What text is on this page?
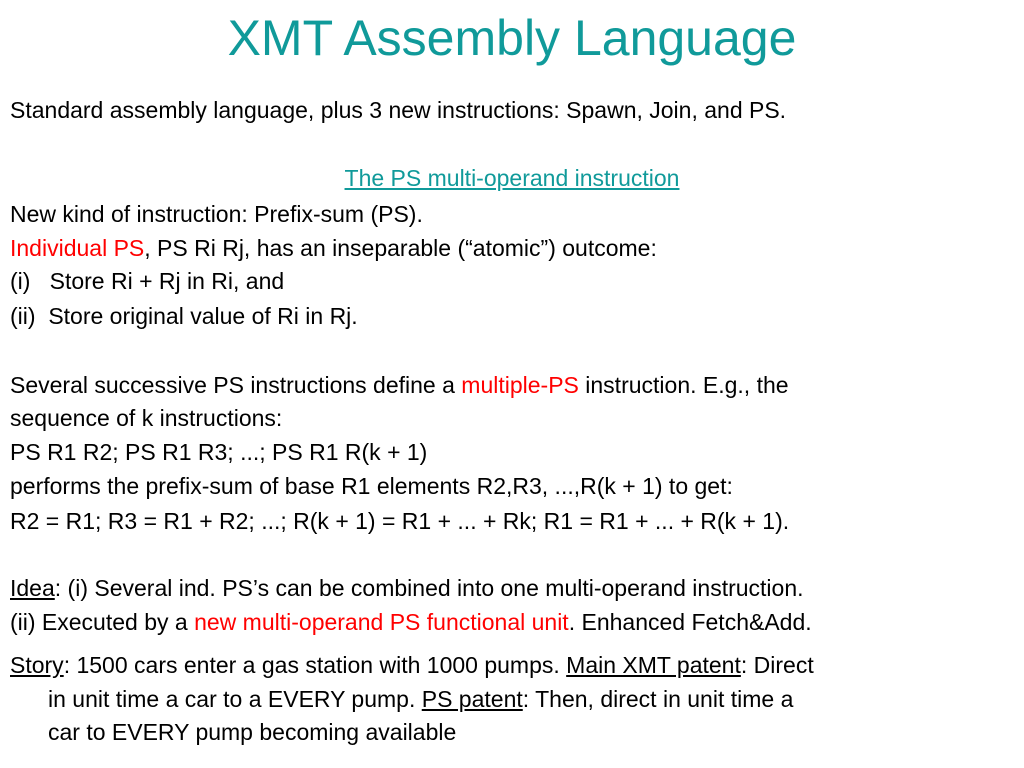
XMT Assembly Language
Standard assembly language, plus 3 new instructions: Spawn, Join, and PS.
The PS multi-operand instruction
New kind of instruction: Prefix-sum (PS).
Individual PS, PS Ri Rj, has an inseparable (“atomic”) outcome:
(i)   Store Ri + Rj in Ri, and
(ii)  Store original value of Ri in Rj.
Several successive PS instructions define a multiple-PS instruction. E.g., the
sequence of k instructions:
PS R1 R2; PS R1 R3; ...; PS R1 R(k + 1)
performs the prefix-sum of base R1 elements R2,R3, ...,R(k + 1) to get:
R2 = R1; R3 = R1 + R2; ...; R(k + 1) = R1 + ... + Rk; R1 = R1 + ... + R(k + 1).
Idea: (i) Several ind. PS’s can be combined into one multi-operand instruction.
(ii) Executed by a new multi-operand PS functional unit. Enhanced Fetch&Add.
Story: 1500 cars enter a gas station with 1000 pumps. Main XMT patent: Direct
in unit time a car to a EVERY pump. PS patent: Then, direct in unit time a
car to EVERY pump becoming available
